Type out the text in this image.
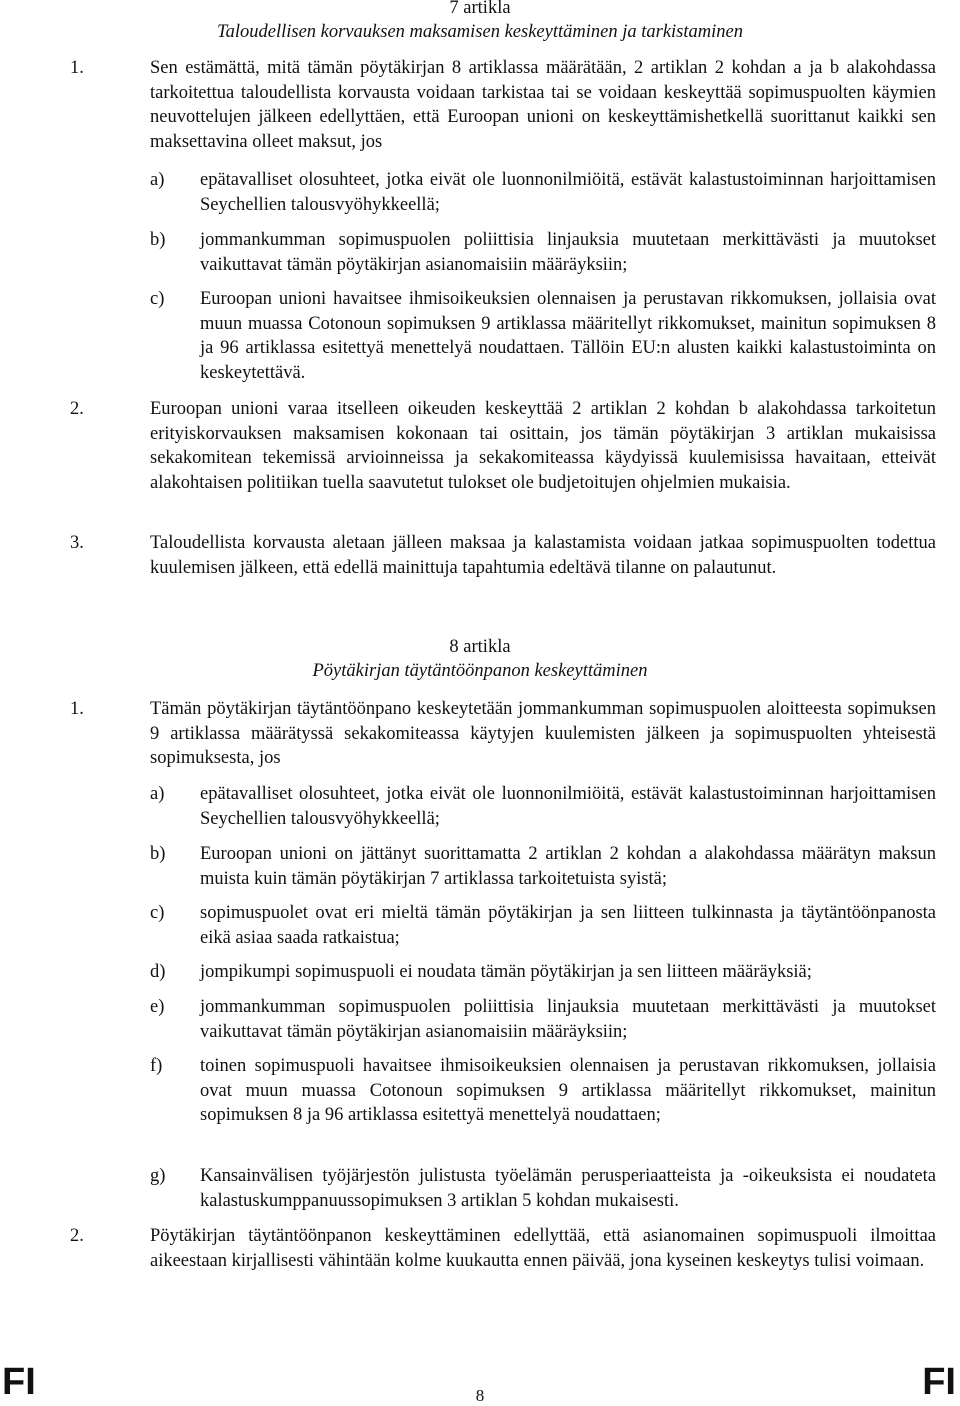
7 artikla
Taloudellisen korvauksen maksamisen keskeyttäminen ja tarkistaminen
1.	Sen estämättä, mitä tämän pöytäkirjan 8 artiklassa määrätään, 2 artiklan 2 kohdan a ja b alakohdassa tarkoitettua taloudellista korvausta voidaan tarkistaa tai se voidaan keskeyttää sopimuspuolten käymien neuvottelujen jälkeen edellyttäen, että Euroopan unioni on keskeyttämishetkellä suorittanut kaikki sen maksettavina olleet maksut, jos
a) epätavalliset olosuhteet, jotka eivät ole luonnonilmiöitä, estävät kalastustoiminnan harjoittamisen Seychellien talousvyöhykkeellä;
b) jommankumman sopimuspuolen poliittisia linjauksia muutetaan merkittävästi ja muutokset vaikuttavat tämän pöytäkirjan asianomaisiin määräyksiin;
c) Euroopan unioni havaitsee ihmisoikeuksien olennaisen ja perustavan rikkomuksen, jollaisia ovat muun muassa Cotonoun sopimuksen 9 artiklassa määritellyt rikkomukset, mainitun sopimuksen 8 ja 96 artiklassa esitettyä menettelyä noudattaen. Tällöin EU:n alusten kaikki kalastustoiminta on keskeytettävä.
2.	Euroopan unioni varaa itselleen oikeuden keskeyttää 2 artiklan 2 kohdan b alakohdassa tarkoitetun erityiskorvauksen maksamisen kokonaan tai osittain, jos tämän pöytäkirjan 3 artiklan mukaisissa sekakomitean tekemissä arvioinneissa ja sekakomiteassa käydyissä kuulemisissa havaitaan, etteivät alakohtaisen politiikan tuella saavutetut tulokset ole budjetoitujen ohjelmien mukaisia.
3.	Taloudellista korvausta aletaan jälleen maksaa ja kalastamista voidaan jatkaa sopimuspuolten todettua kuulemisen jälkeen, että edellä mainittuja tapahtumia edeltävä tilanne on palautunut.
8 artikla
Pöytäkirjan täytäntöönpanon keskeyttäminen
1.	Tämän pöytäkirjan täytäntöönpano keskeytetään jommankumman sopimuspuolen aloitteesta sopimuksen 9 artiklassa määrätyssä sekakomiteassa käytyjen kuulemisten jälkeen ja sopimuspuolten yhteisestä sopimuksesta, jos
a) epätavalliset olosuhteet, jotka eivät ole luonnonilmiöitä, estävät kalastustoiminnan harjoittamisen Seychellien talousvyöhykkeellä;
b) Euroopan unioni on jättänyt suorittamatta 2 artiklan 2 kohdan a alakohdassa määrätyn maksun muista kuin tämän pöytäkirjan 7 artiklassa tarkoitetuista syistä;
c) sopimuspuolet ovat eri mieltä tämän pöytäkirjan ja sen liitteen tulkinnasta ja täytäntöönpanosta eikä asiaa saada ratkaistua;
d) jompikumpi sopimuspuoli ei noudata tämän pöytäkirjan ja sen liitteen määräyksiä;
e) jommankumman sopimuspuolen poliittisia linjauksia muutetaan merkittävästi ja muutokset vaikuttavat tämän pöytäkirjan asianomaisiin määräyksiin;
f) toinen sopimuspuoli havaitsee ihmisoikeuksien olennaisen ja perustavan rikkomuksen, jollaisia ovat muun muassa Cotonoun sopimuksen 9 artiklassa määritellyt rikkomukset, mainitun sopimuksen 8 ja 96 artiklassa esitettyä menettelyä noudattaen;
g) Kansainvälisen työjärjestön julistusta työelämän perusperiaatteista ja -oikeuksista ei noudateta kalastuskumppanuussopimuksen 3 artiklan 5 kohdan mukaisesti.
2.	Pöytäkirjan täytäntöönpanon keskeyttäminen edellyttää, että asianomainen sopimuspuoli ilmoittaa aikeestaan kirjallisesti vähintään kolme kuukautta ennen päivää, jona kyseinen keskeytys tulisi voimaan.
FI	8	FI
